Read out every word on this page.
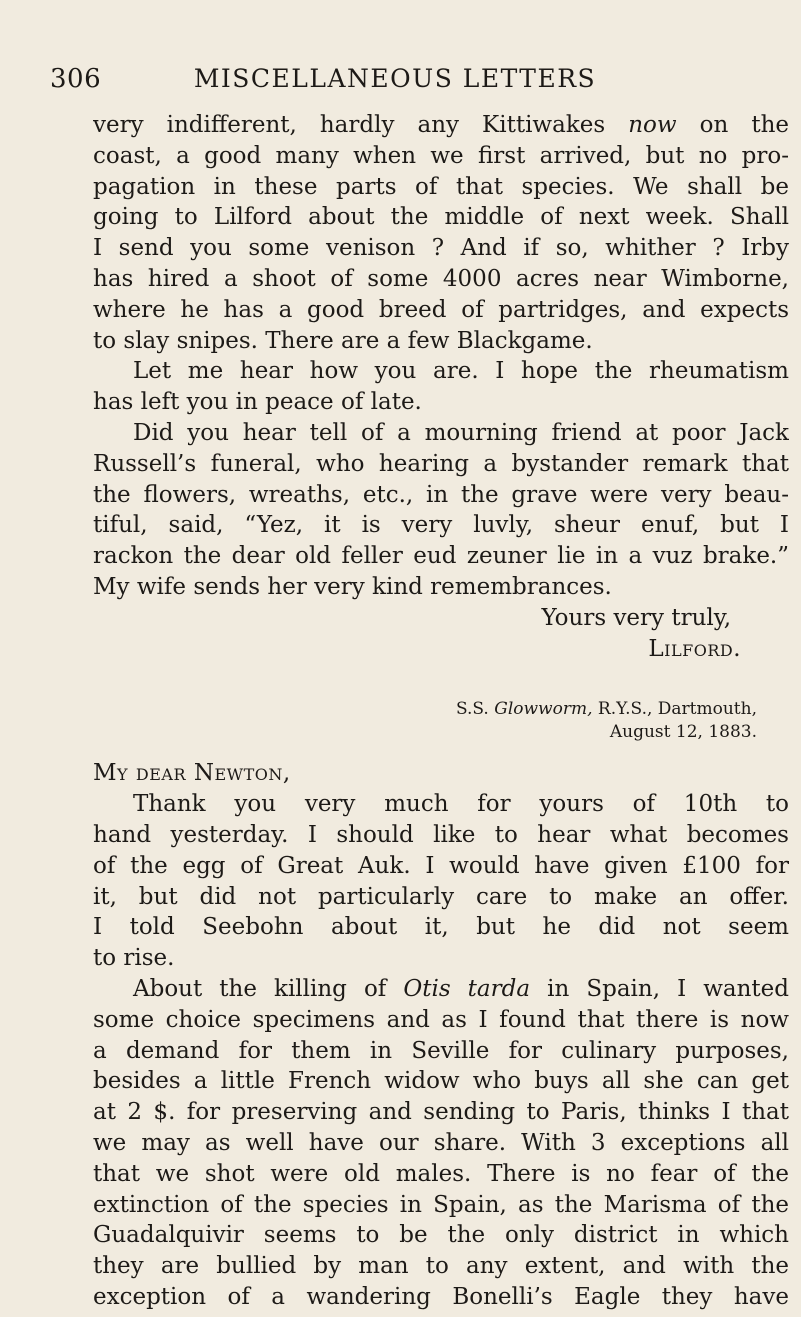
306	MISCELLANEOUS LETTERS
very indifferent, hardly any Kittiwakes now on the
coast, a good many when we first arrived, but no pro-
pagation in these parts of that species. We shall be
going to Lilford about the middle of next week. Shall
I send you some venison ? And if so, whither ? Irby
has hired a shoot of some 4000 acres near Wimborne,
where he has a good breed of partridges, and expects
to slay snipes. There are a few Blackgame.
Let me hear how you are. I hope the rheumatism
has left you in peace of late.
Did you hear tell of a mourning friend at poor Jack
Russell’s funeral, who hearing a bystander remark that
the flowers, wreaths, etc., in the grave were very beau-
tiful, said, “Yez, it is very luvly, sheur enuf, but I
rackon the dear old feller eud zeuner lie in a vuz brake.”
My wife sends her very kind remembrances.
Yours very truly,
Lilford.
S.S. Glowworm, R.Y.S., Dartmouth,
August 12, 1883.
My dear Newton,
Thank you very much for yours of 10th to
hand yesterday. I should like to hear what becomes
of the egg of Great Auk. I would have given £100 for
it, but did not particularly care to make an offer.
I told Seebohn about it, but he did not seem
to rise.
About the killing of Otis tarda in Spain, I wanted
some choice specimens and as I found that there is now
a demand for them in Seville for culinary purposes,
besides a little French widow who buys all she can get
at 2 $. for preserving and sending to Paris, thinks I that
we may as well have our share. With 3 exceptions all
that we shot were old males. There is no fear of the
extinction of the species in Spain, as the Marisma of the
Guadalquivir seems to be the only district in which
they are bullied by man to any extent, and with the
exception of a wandering Bonelli’s Eagle they have
